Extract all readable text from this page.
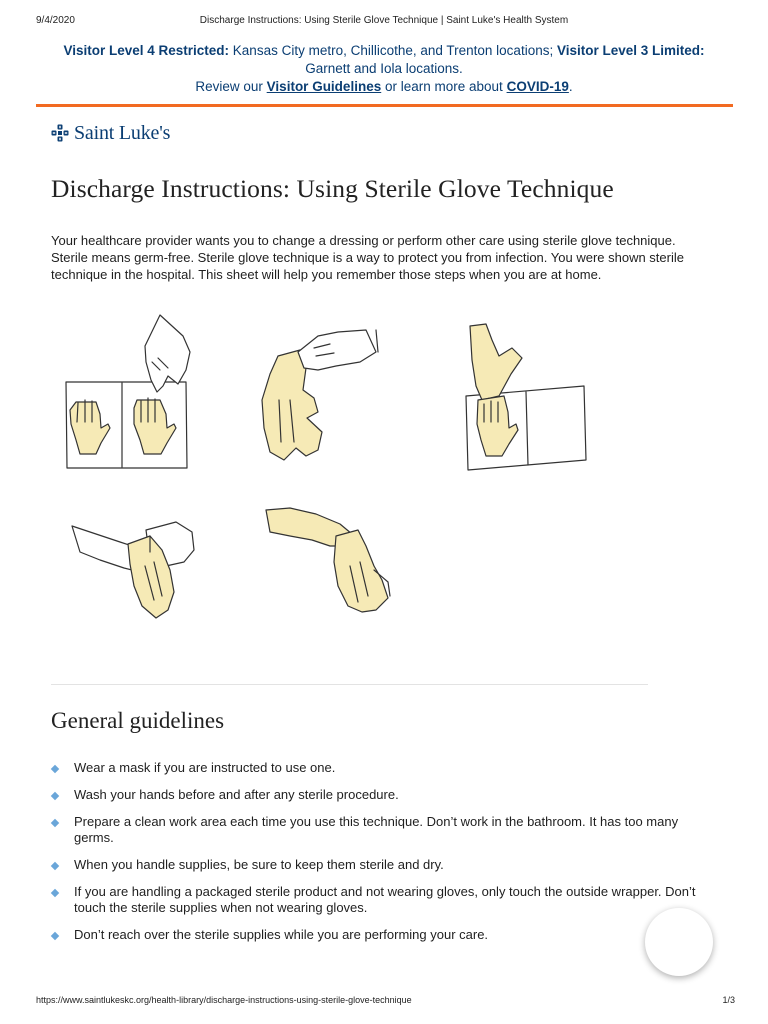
9/4/2020	Discharge Instructions: Using Sterile Glove Technique | Saint Luke's Health System
Visitor Level 4 Restricted: Kansas City metro, Chillicothe, and Trenton locations; Visitor Level 3 Limited:
Garnett and Iola locations.
Review our Visitor Guidelines or learn more about COVID-19.
Saint Luke's
Discharge Instructions: Using Sterile Glove Technique

Your healthcare provider wants you to change a dressing or perform other care using sterile glove technique. Sterile means germ-free. Sterile glove technique is a way to protect you from infection. You were shown sterile technique in the hospital. This sheet will help you remember those steps when you are at home.

General guidelines
Wear a mask if you are instructed to use one.
Wash your hands before and after any sterile procedure.
Prepare a clean work area each time you use this technique. Don’t work in the bathroom. It has too many germs.
When you handle supplies, be sure to keep them sterile and dry.
If you are handling a packaged sterile product and not wearing gloves, only touch the outside wrapper. Don’t touch the sterile supplies when not wearing gloves.
Don’t reach over the sterile supplies while you are performing your care.
https://www.saintlukeskc.org/health-library/discharge-instructions-using-sterile-glove-technique	1/3
